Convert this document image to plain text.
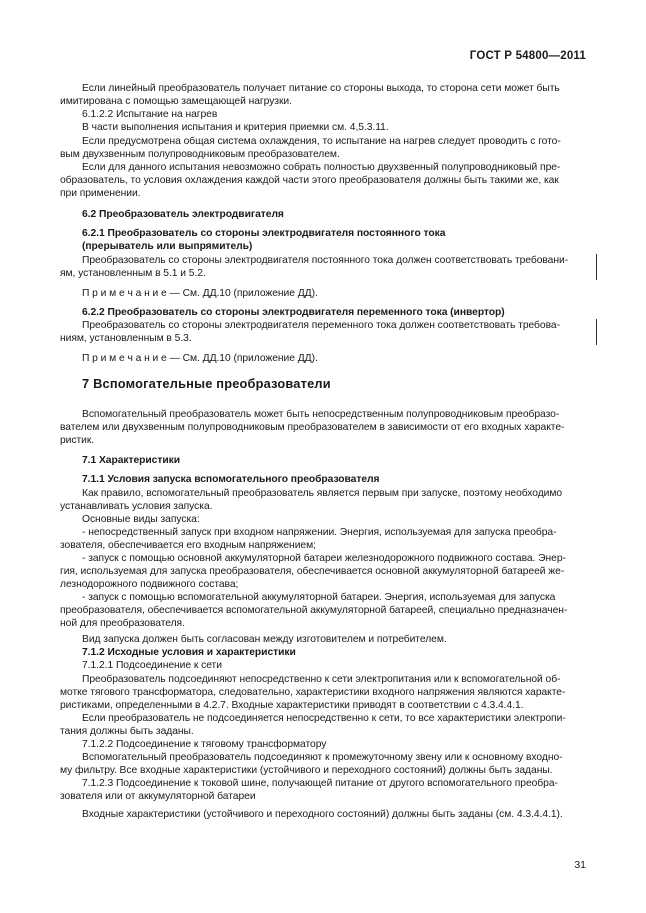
ГОСТ Р 54800—2011
Если линейный преобразователь получает питание со стороны выхода, то сторона сети может быть
имитирована с помощью замещающей нагрузки.
6.1.2.2 Испытание на нагрев
В части выполнения испытания и критерия приемки см. 4,5.3.11.
Если предусмотрена общая система охлаждения, то испытание на нагрев следует проводить с гото-
вым двухзвенным полупроводниковым преобразователем.
Если для данного испытания невозможно собрать полностью двухзвенный полупроводниковый пре-
образователь, то условия охлаждения каждой части этого преобразователя должны быть такими же, как
при применении.
6.2 Преобразователь электродвигателя
6.2.1 Преобразователь со стороны электродвигателя постоянного тока
(прерыватель или выпрямитель)
Преобразователь со стороны электродвигателя постоянного тока должен соответствовать требовани-
ям, установленным в 5.1 и 5.2.
П р и м е ч а н и е — См. ДД.10 (приложение ДД).
6.2.2 Преобразователь со стороны электродвигателя переменного тока (инвертор)
Преобразователь со стороны электродвигателя переменного тока должен соответствовать требова-
ниям, установленным в 5.3.
П р и м е ч а н и е — См. ДД.10 (приложение ДД).
7 Вспомогательные преобразователи
Вспомогательный преобразователь может быть непосредственным полупроводниковым преобразо-
вателем или двухзвенным полупроводниковым преобразователем в зависимости от его входных характе-
ристик.
7.1 Характеристики
7.1.1 Условия запуска вспомогательного преобразователя
Как правило, вспомогательный преобразователь является первым при запуске, поэтому необходимо
устанавливать условия запуска.
Основные виды запуска:
- непосредственный запуск при входном напряжении. Энергия, используемая для запуска преобра-
зователя, обеспечивается его входным напряжением;
- запуск с помощью основной аккумуляторной батареи железнодорожного подвижного состава. Энер-
гия, используемая для запуска преобразователя, обеспечивается основной аккумуляторной батареей же-
лезнодорожного подвижного состава;
- запуск с помощью вспомогательной аккумуляторной батареи. Энергия, используемая для запуска
преобразователя, обеспечивается вспомогательной аккумуляторной батареей, специально предназначен-
ной для преобразователя.
Вид запуска должен быть согласован между изготовителем и потребителем.
7.1.2 Исходные условия и характеристики
7.1.2.1 Подсоединение к сети
Преобразователь подсоединяют непосредственно к сети электропитания или к вспомогательной об-
мотке тягового трансформатора, следовательно, характеристики входного напряжения являются характе-
ристиками, определенными в 4.2.7. Входные характеристики приводят в соответствии с 4.3.4.4.1.
Если преобразователь не подсоединяется непосредственно к сети, то все характеристики электропи-
тания должны быть заданы.
7.1.2.2 Подсоединение к тяговому трансформатору
Вспомогательный преобразователь подсоединяют к промежуточному звену или к основному входно-
му фильтру. Все входные характеристики (устойчивого и переходного состояний) должны быть заданы.
7.1.2.3 Подсоединение к токовой шине, получающей питание от другого вспомогательного преобра-
зователя или от аккумуляторной батареи
Входные характеристики (устойчивого и переходного состояний) должны быть заданы (см. 4.3.4.4.1).
31
